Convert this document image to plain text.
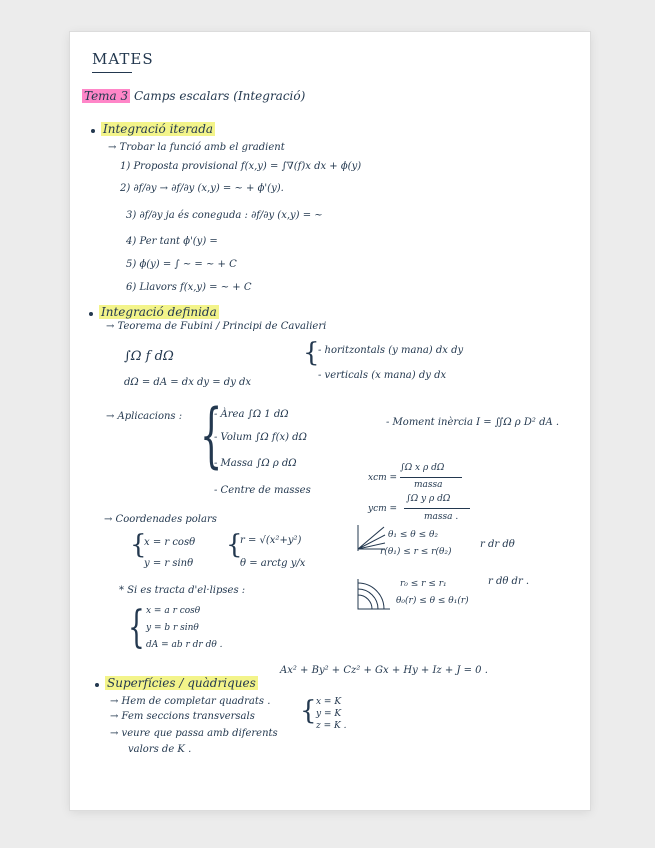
MATES
Tema 3 Camps escalars (Integració)
Integració iterada
→ Trobar la funció amb el gradient
1) Proposta provisional f(x,y) = ∫∇(f)x dx + ϕ(y)
2) ∂f/∂y → ∂f/∂y (x,y) = ~ + ϕ'(y).
3) ∂f/∂y ja és coneguda : ∂f/∂y (x,y) = ~
4) Per tant ϕ'(y) =
5) ϕ(y) = ∫ ~ = ~ + C
6) Llavors f(x,y) = ~ + C
Integració definida
→ Teorema de Fubini / Principi de Cavalieri
∫Ω f dΩ
dΩ = dA = dx dy = dy dx
{
- horitzontals (y mana) dx dy
- verticals (x mana) dy dx
→ Aplicacions : {
- Àrea ∫Ω 1 dΩ
- Volum ∫Ω f(x) dΩ
- Massa ∫Ω ρ dΩ
- Centre de masses
- Moment inèrcia I = ∬Ω ρ D² dA .
xcm =
∫Ω x ρ dΩ
massa
ycm =
∫Ω y ρ dΩ
massa .
→ Coordenades polars
{
x = r cosθ
y = r sinθ
{
r = √(x²+y²)
θ = arctg y/x
θ₁ ≤ θ ≤ θ₂
r(θ₁) ≤ r ≤ r(θ₂)
r dr dθ
* Si es tracta d'el·lipses :
{ x = a r cosθ
y = b r sinθ
dA = ab r dr dθ .
r₀ ≤ r ≤ r₁
θ₀(r) ≤ θ ≤ θ₁(r)
r dθ dr .
Superfícies / quàdriques
Ax² + By² + Cz² + Gx + Hy + Iz + J = 0 .
→ Hem de completar quadrats .
→ Fem seccions transversals
→ veure que passa amb diferents
valors de K .
{ x = K
y = K
z = K .
